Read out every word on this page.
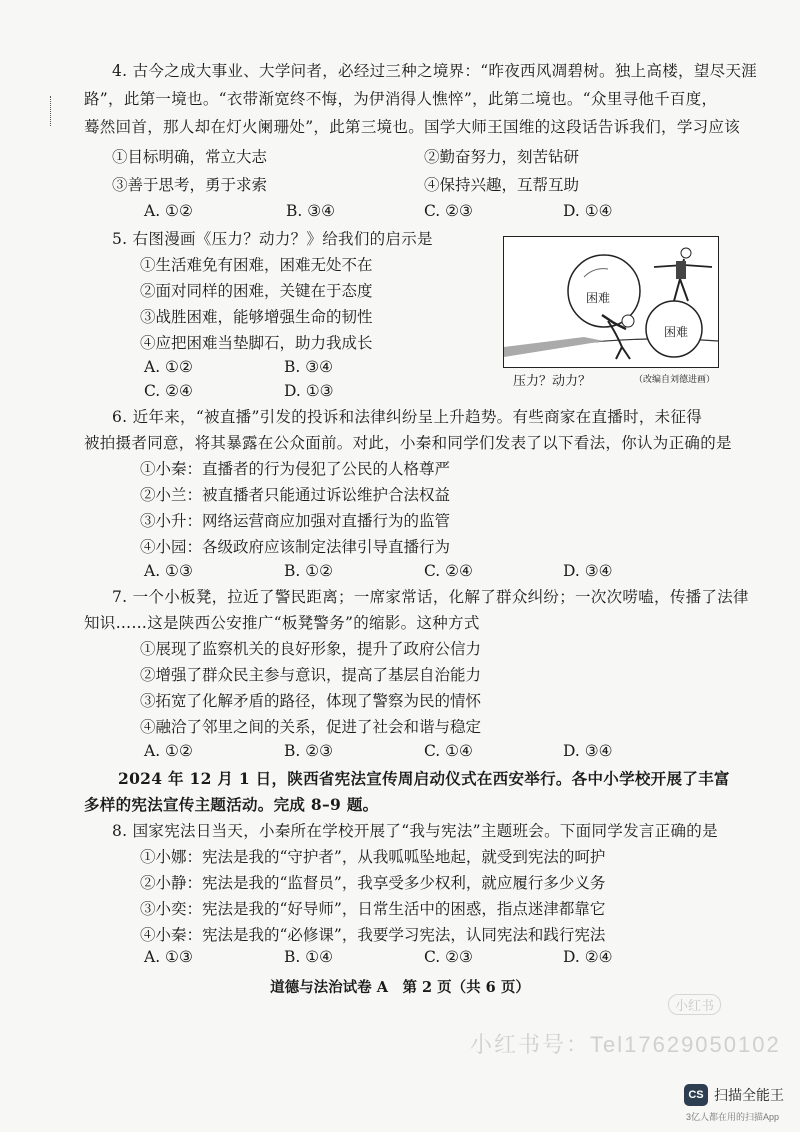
4. 古今之成大事业、大学问者，必经过三种之境界：“昨夜西风凋碧树。独上高楼，望尽天涯
路”，此第一境也。“衣带渐宽终不悔，为伊消得人憔悴”，此第二境也。“众里寻他千百度，
蓦然回首，那人却在灯火阑珊处”，此第三境也。国学大师王国维的这段话告诉我们，学习应该
①目标明确，常立大志	②勤奋努力，刻苦钻研
③善于思考，勇于求索	④保持兴趣，互帮互助
A. ①②	B. ③④	C. ②③	D. ①④
5. 右图漫画《压力？动力？》给我们的启示是
①生活难免有困难，困难无处不在
②面对同样的困难，关键在于态度
③战胜困难，能够增强生命的韧性
④应把困难当垫脚石，助力我成长
A. ①②	B. ③④
C. ②④	D. ①③
困难
困难
压力？动力？	（改编自刘德进画）
6. 近年来，“被直播”引发的投诉和法律纠纷呈上升趋势。有些商家在直播时，未征得
被拍摄者同意，将其暴露在公众面前。对此，小秦和同学们发表了以下看法，你认为正确的是
①小秦：直播者的行为侵犯了公民的人格尊严
②小兰：被直播者只能通过诉讼维护合法权益
③小升：网络运营商应加强对直播行为的监管
④小园：各级政府应该制定法律引导直播行为
A. ①③	B. ①②	C. ②④	D. ③④
7. 一个小板凳，拉近了警民距离；一席家常话，化解了群众纠纷；一次次唠嗑，传播了法律
知识……这是陕西公安推广“板凳警务”的缩影。这种方式
①展现了监察机关的良好形象，提升了政府公信力
②增强了群众民主参与意识，提高了基层自治能力
③拓宽了化解矛盾的路径，体现了警察为民的情怀
④融洽了邻里之间的关系，促进了社会和谐与稳定
A. ①②	B. ②③	C. ①④	D. ③④
2024 年 12 月 1 日，陕西省宪法宣传周启动仪式在西安举行。各中小学校开展了丰富
多样的宪法宣传主题活动。完成 8–9 题。
8. 国家宪法日当天，小秦所在学校开展了“我与宪法”主题班会。下面同学发言正确的是
①小娜：宪法是我的“守护者”，从我呱呱坠地起，就受到宪法的呵护
②小静：宪法是我的“监督员”，我享受多少权利，就应履行多少义务
③小奕：宪法是我的“好导师”，日常生活中的困惑，指点迷津都靠它
④小秦：宪法是我的“必修课”，我要学习宪法，认同宪法和践行宪法
A. ①③	B. ①④	C. ②③	D. ②④
道德与法治试卷 A　第 2 页（共 6 页）
小红书
小红书号：Tel17629050102
CS 扫描全能王
3亿人都在用的扫描App
